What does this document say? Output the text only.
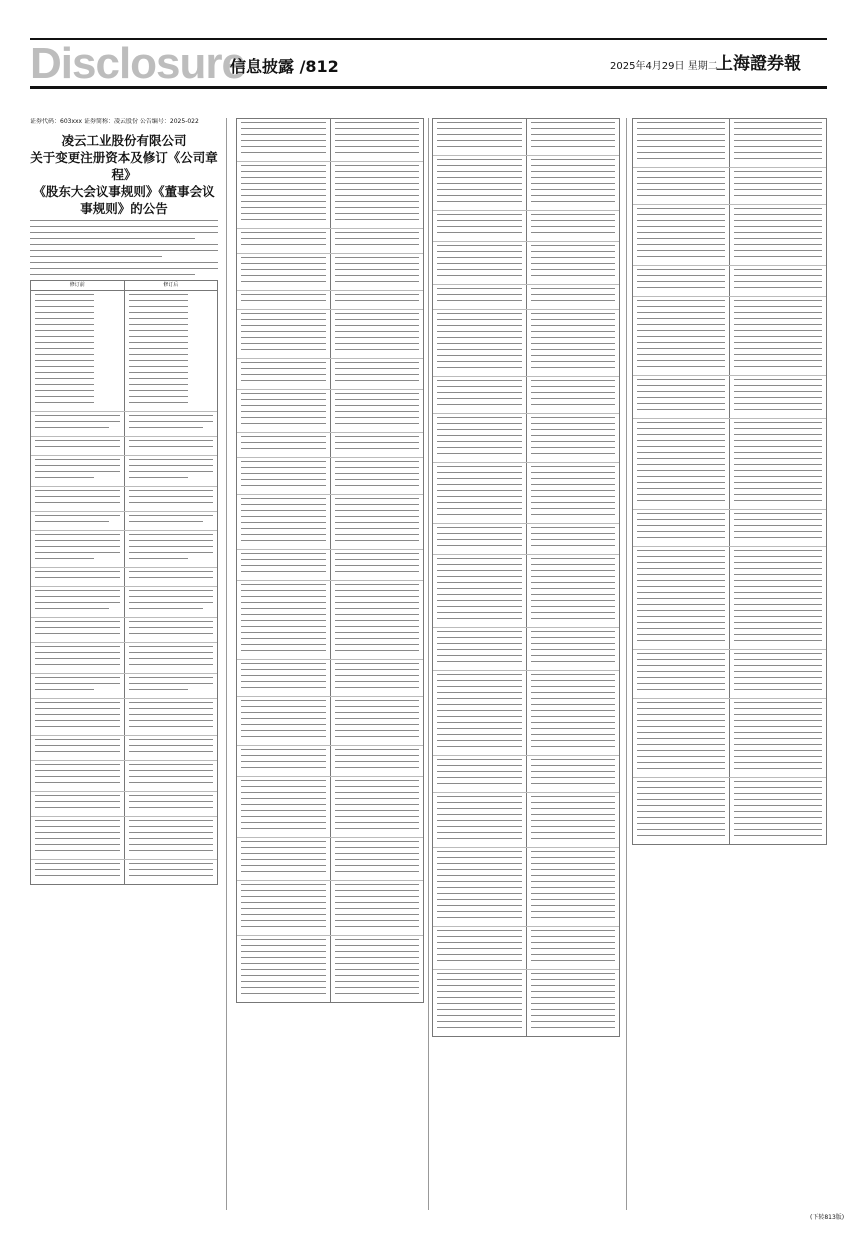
Disclosure
信息披露 /812	2025年4月29日 星期二
上海證券報
证券代码：603xxx 证券简称：凌云股份 公告编号：2025-022
凌云工业股份有限公司
关于变更注册资本及修订《公司章程》
《股东大会议事规则》《董事会议事规则》的公告
修订前	修订后
(下转813版)
